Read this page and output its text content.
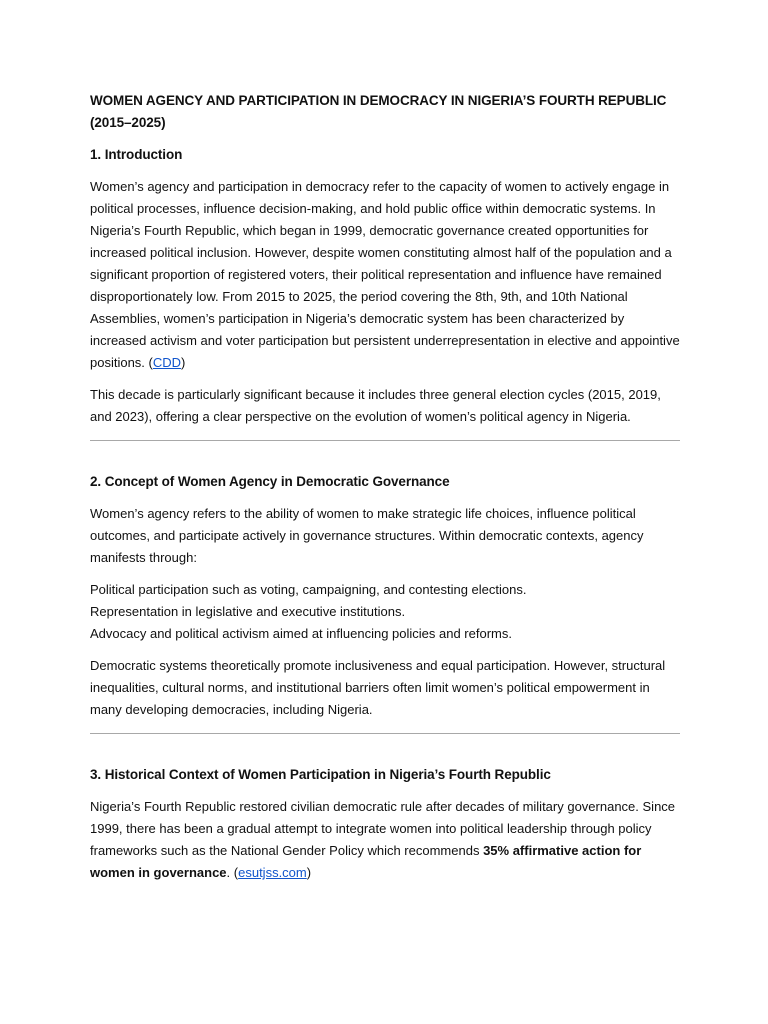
WOMEN AGENCY AND PARTICIPATION IN DEMOCRACY IN NIGERIA’S FOURTH REPUBLIC (2015–2025)
1. Introduction

Women’s agency and participation in democracy refer to the capacity of women to actively engage in political processes, influence decision-making, and hold public office within democratic systems. In Nigeria’s Fourth Republic, which began in 1999, democratic governance created opportunities for increased political inclusion. However, despite women constituting almost half of the population and a significant proportion of registered voters, their political representation and influence have remained disproportionately low. From 2015 to 2025, the period covering the 8th, 9th, and 10th National Assemblies, women’s participation in Nigeria’s democratic system has been characterized by increased activism and voter participation but persistent underrepresentation in elective and appointive positions. (CDD)

This decade is particularly significant because it includes three general election cycles (2015, 2019, and 2023), offering a clear perspective on the evolution of women’s political agency in Nigeria.

2. Concept of Women Agency in Democratic Governance

Women’s agency refers to the ability of women to make strategic life choices, influence political outcomes, and participate actively in governance structures. Within democratic contexts, agency manifests through:

Political participation such as voting, campaigning, and contesting elections.

Representation in legislative and executive institutions.

Advocacy and political activism aimed at influencing policies and reforms.

Democratic systems theoretically promote inclusiveness and equal participation. However, structural inequalities, cultural norms, and institutional barriers often limit women’s political empowerment in many developing democracies, including Nigeria.

3. Historical Context of Women Participation in Nigeria’s Fourth Republic

Nigeria’s Fourth Republic restored civilian democratic rule after decades of military governance. Since 1999, there has been a gradual attempt to integrate women into political leadership through policy frameworks such as the National Gender Policy which recommends 35% affirmative action for women in governance. (esutjss.com)
